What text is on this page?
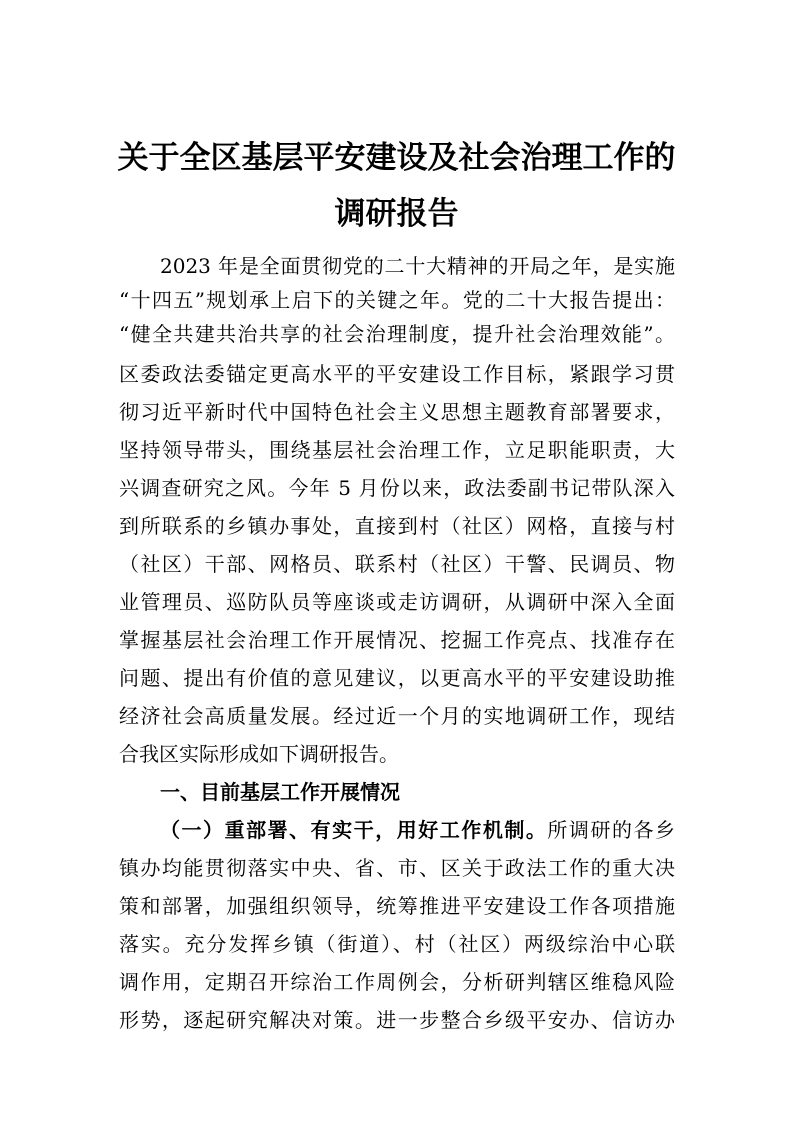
关于全区基层平安建设及社会治理工作的
调研报告

2023 年是全面贯彻党的二十大精神的开局之年，是实施

“十四五”规划承上启下的关键之年。党的二十大报告提出：

“健全共建共治共享的社会治理制度，提升社会治理效能”。

区委政法委锚定更高水平的平安建设工作目标，紧跟学习贯

彻习近平新时代中国特色社会主义思想主题教育部署要求，

坚持领导带头，围绕基层社会治理工作，立足职能职责，大

兴调查研究之风。今年 5 月份以来，政法委副书记带队深入

到所联系的乡镇办事处，直接到村（社区）网格，直接与村

（社区）干部、网格员、联系村（社区）干警、民调员、物

业管理员、巡防队员等座谈或走访调研，从调研中深入全面

掌握基层社会治理工作开展情况、挖掘工作亮点、找准存在

问题、提出有价值的意见建议，以更高水平的平安建设助推

经济社会高质量发展。经过近一个月的实地调研工作，现结

合我区实际形成如下调研报告。

一、目前基层工作开展情况

（一）重部署、有实干，用好工作机制。所调研的各乡

镇办均能贯彻落实中央、省、市、区关于政法工作的重大决

策和部署，加强组织领导，统筹推进平安建设工作各项措施

落实。充分发挥乡镇（街道）、村（社区）两级综治中心联

调作用，定期召开综治工作周例会，分析研判辖区维稳风险

形势，逐起研究解决对策。进一步整合乡级平安办、信访办
